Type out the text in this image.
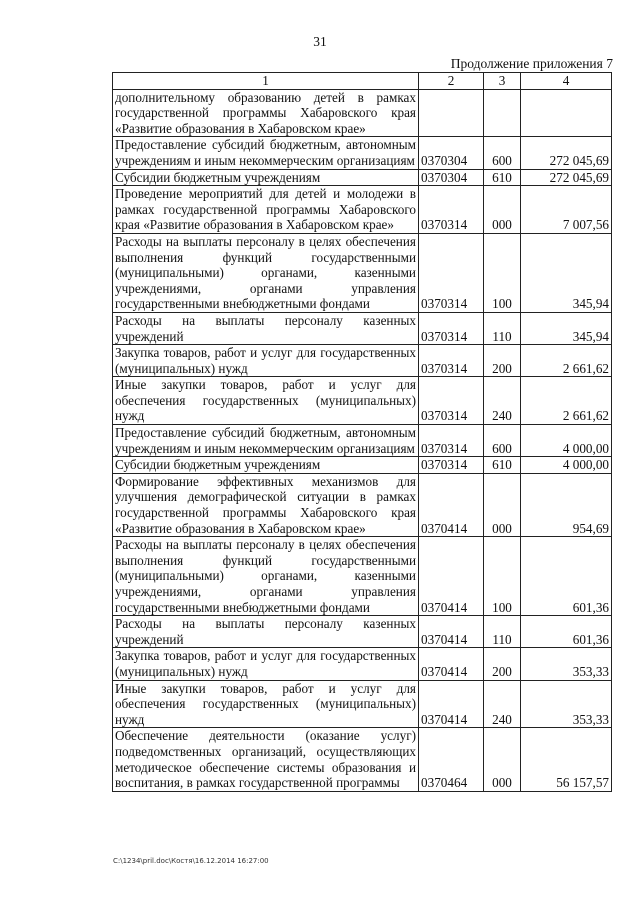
31
Продолжение приложения 7
1	2	3	4
дополнительному образованию детей в рамках государственной программы Хабаровского края «Развитие образования в Хабаровском крае»			
Предоставление субсидий бюджетным, автономным учреждениям и иным некоммерческим организациям	0370304	600	272 045,69
Субсидии бюджетным учреждениям	0370304	610	272 045,69
Проведение мероприятий для детей и молодежи в рамках государственной программы Хабаровского края «Развитие образования в Хабаровском крае»	0370314	000	7 007,56
Расходы на выплаты персоналу в целях обеспечения выполнения функций государственными (муниципальными) органами, казенными учреждениями, органами управления государственными внебюджетными фондами	0370314	100	345,94
Расходы на выплаты персоналу казенных учреждений	0370314	110	345,94
Закупка товаров, работ и услуг для государственных (муниципальных) нужд	0370314	200	2 661,62
Иные закупки товаров, работ и услуг для обеспечения государственных (муниципальных) нужд	0370314	240	2 661,62
Предоставление субсидий бюджетным, автономным учреждениям и иным некоммерческим организациям	0370314	600	4 000,00
Субсидии бюджетным учреждениям	0370314	610	4 000,00
Формирование эффективных механизмов для улучшения демографической ситуации в рамках государственной программы Хабаровского края «Развитие образования в Хабаровском крае»	0370414	000	954,69
Расходы на выплаты персоналу в целях обеспечения выполнения функций государственными (муниципальными) органами, казенными учреждениями, органами управления государственными внебюджетными фондами	0370414	100	601,36
Расходы на выплаты персоналу казенных учреждений	0370414	110	601,36
Закупка товаров, работ и услуг для государственных (муниципальных) нужд	0370414	200	353,33
Иные закупки товаров, работ и услуг для обеспечения государственных (муниципальных) нужд	0370414	240	353,33
Обеспечение деятельности (оказание услуг) подведомственных организаций, осуществляющих методическое обеспечение системы образования и воспитания, в рамках государственной программы	0370464	000	56 157,57
C:\1234\pril.doc\Костя\16.12.2014 16:27:00
